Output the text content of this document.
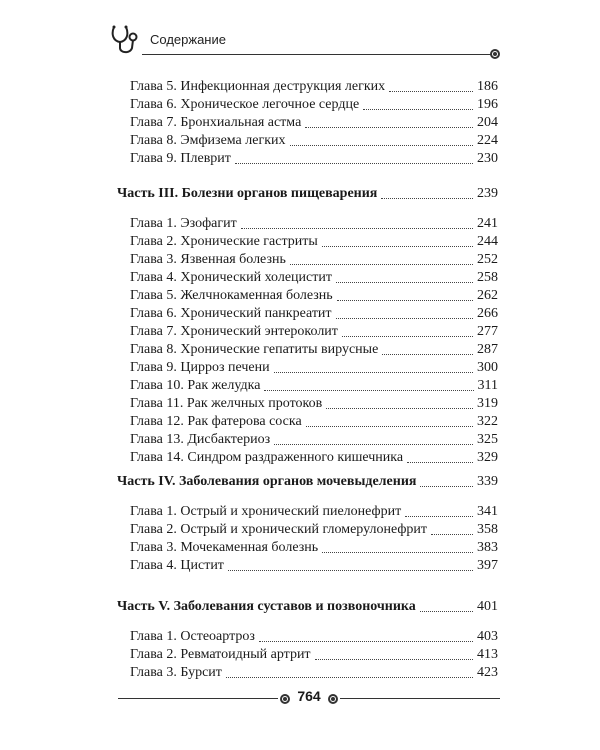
Содержание
Глава 5. Инфекционная деструкция легких	186
Глава 6. Хроническое легочное сердце	196
Глава 7. Бронхиальная астма	204
Глава 8. Эмфизема легких	224
Глава 9. Плеврит	230
Часть III. Болезни органов пищеварения	239
Глава 1. Эзофагит	241
Глава 2. Хронические гастриты	244
Глава 3. Язвенная болезнь	252
Глава 4. Хронический холецистит	258
Глава 5. Желчнокаменная болезнь	262
Глава 6. Хронический панкреатит	266
Глава 7. Хронический энтероколит	277
Глава 8. Хронические гепатиты вирусные	287
Глава 9. Цирроз печени	300
Глава 10. Рак желудка	311
Глава 11. Рак желчных протоков	319
Глава 12. Рак фатерова соска	322
Глава 13. Дисбактериоз	325
Глава 14. Синдром раздраженного кишечника	329
Часть IV. Заболевания органов мочевыделения	339
Глава 1. Острый и хронический пиелонефрит	341
Глава 2. Острый и хронический гломерулонефрит	358
Глава 3. Мочекаменная болезнь	383
Глава 4. Цистит	397
Часть V. Заболевания суставов и позвоночника	401
Глава 1. Остеоартроз	403
Глава 2. Ревматоидный артрит	413
Глава 3. Бурсит	423
764
